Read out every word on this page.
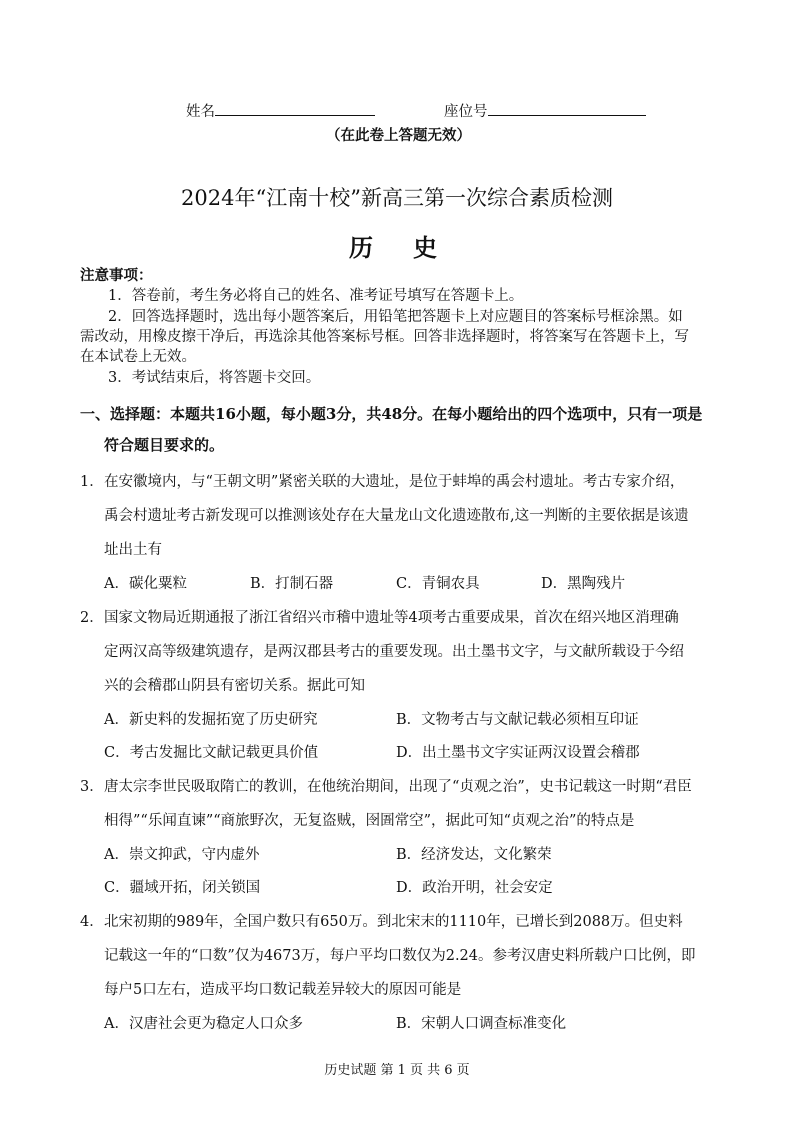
姓名	座位号
（在此卷上答题无效）
2024年“江南十校”新高三第一次综合素质检测
历　史
注意事项：
1．答卷前，考生务必将自己的姓名、准考证号填写在答题卡上。
2．回答选择题时，选出每小题答案后，用铅笔把答题卡上对应题目的答案标号框涂黑。如
需改动，用橡皮擦干净后，再选涂其他答案标号框。回答非选择题时，将答案写在答题卡上，写
在本试卷上无效。
3．考试结束后，将答题卡交回。
一、选择题：本题共16小题，每小题3分，共48分。在每小题给出的四个选项中，只有一项是
符合题目要求的。
1． 在安徽境内，与“王朝文明”紧密关联的大遗址，是位于蚌埠的禹会村遗址。考古专家介绍，
禹会村遗址考古新发现可以推测该处存在大量龙山文化遗迹散布,这一判断的主要依据是该遗
址出土有
A．碳化粟粒	B．打制石器	C．青铜农具	D．黑陶残片
2． 国家文物局近期通报了浙江省绍兴市稽中遗址等4项考古重要成果，首次在绍兴地区消理确
定两汉高等级建筑遗存，是两汉郡县考古的重要发现。出土墨书文字，与文献所载设于今绍
兴的会稽郡山阴县有密切关系。据此可知
A．新史料的发掘拓宽了历史研究	B．文物考古与文献记载必须相互印证
C．考古发掘比文献记载更具价值	D．出土墨书文字实证两汉设置会稽郡
3． 唐太宗李世民吸取隋亡的教训，在他统治期间，出现了“贞观之治”，史书记载这一时期“君臣
相得”“乐闻直谏”“商旅野次，无复盗贼，囹圄常空”，据此可知“贞观之治”的特点是
A．崇文抑武，守内虚外	B．经济发达，文化繁荣
C．疆域开拓，闭关锁国	D．政治开明，社会安定
4． 北宋初期的989年，全国户数只有650万。到北宋末的1110年，已增长到2088万。但史料
记载这一年的“口数”仅为4673万，每户平均口数仅为2.24。参考汉唐史料所载户口比例，即
每户5口左右，造成平均口数记载差异较大的原因可能是
A．汉唐社会更为稳定人口众多	B．宋朝人口调查标准变化
历史试题 第 1 页 共 6 页
